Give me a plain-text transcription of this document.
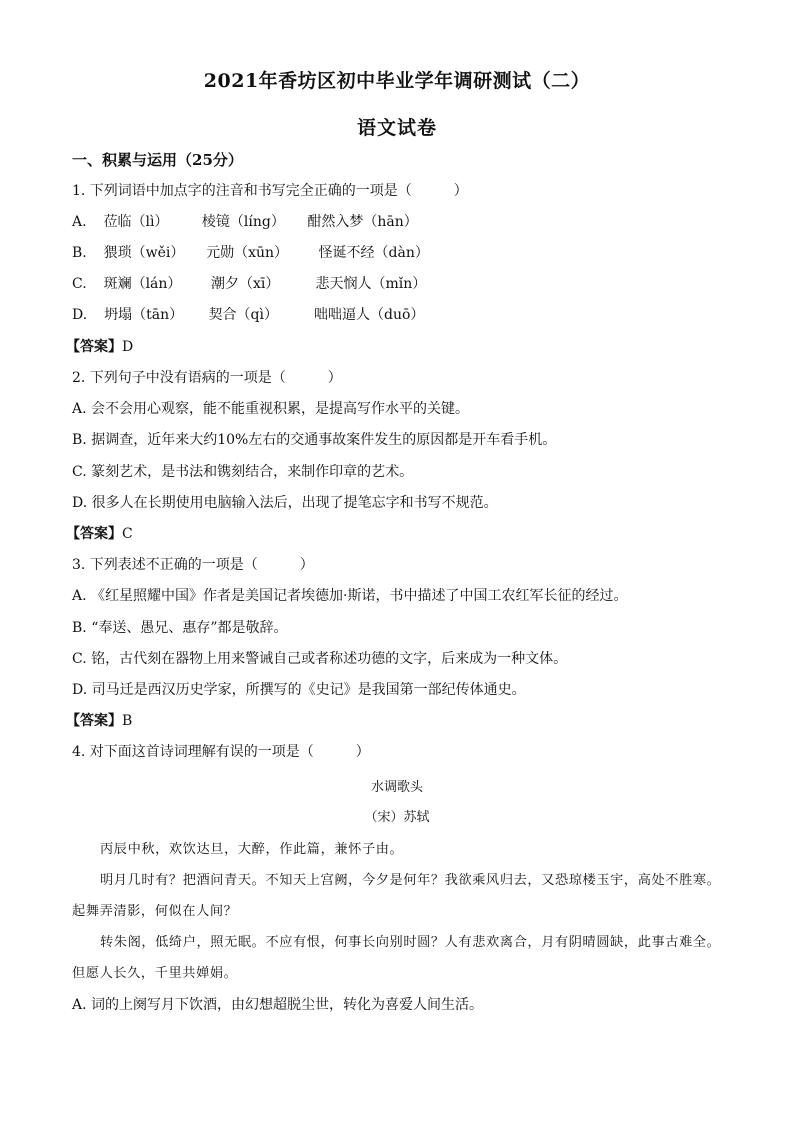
2021年香坊区初中毕业学年调研测试（二）
语文试卷
一、积累与运用（25分）
1. 下列词语中加点字的注音和书写完全正确的一项是（　　　）
A. 莅临（lì） 棱镜（líng） 酣然入梦（hān）
B. 猥琐（wěi） 元勋（xūn） 怪诞不经（dàn）
C. 斑斓（lán） 潮夕（xī）	悲天悯人（mǐn）
D. 坍塌（tān） 契合（qì）	咄咄逼人（duō）
【答案】D
2. 下列句子中没有语病的一项是（　　　）
A. 会不会用心观察，能不能重视积累，是提高写作水平的关键。
B. 据调查，近年来大约10%左右的交通事故案件发生的原因都是开车看手机。
C. 篆刻艺术，是书法和镌刻结合，来制作印章的艺术。
D. 很多人在长期使用电脑输入法后，出现了提笔忘字和书写不规范。
【答案】C
3. 下列表述不正确的一项是（　　　）
A. 《红星照耀中国》作者是美国记者埃德加·斯诺，书中描述了中国工农红军长征的经过。
B. “奉送、愚兄、惠存”都是敬辞。
C. 铭，古代刻在器物上用来警诫自己或者称述功德的文字，后来成为一种文体。
D. 司马迁是西汉历史学家，所撰写的《史记》是我国第一部纪传体通史。
【答案】B
4. 对下面这首诗词理解有误的一项是（　　　）
水调歌头
（宋）苏轼
丙辰中秋，欢饮达旦，大醉，作此篇，兼怀子由。
明月几时有？把酒问青天。不知天上宫阙，今夕是何年？我欲乘风归去，又恐琼楼玉宇，高处不胜寒。
起舞弄清影，何似在人间？
转朱阁，低绮户，照无眠。不应有恨，何事长向别时圆？人有悲欢离合，月有阴晴圆缺，此事古难全。
但愿人长久，千里共婵娟。
A. 词的上阕写月下饮酒，由幻想超脱尘世，转化为喜爱人间生活。
